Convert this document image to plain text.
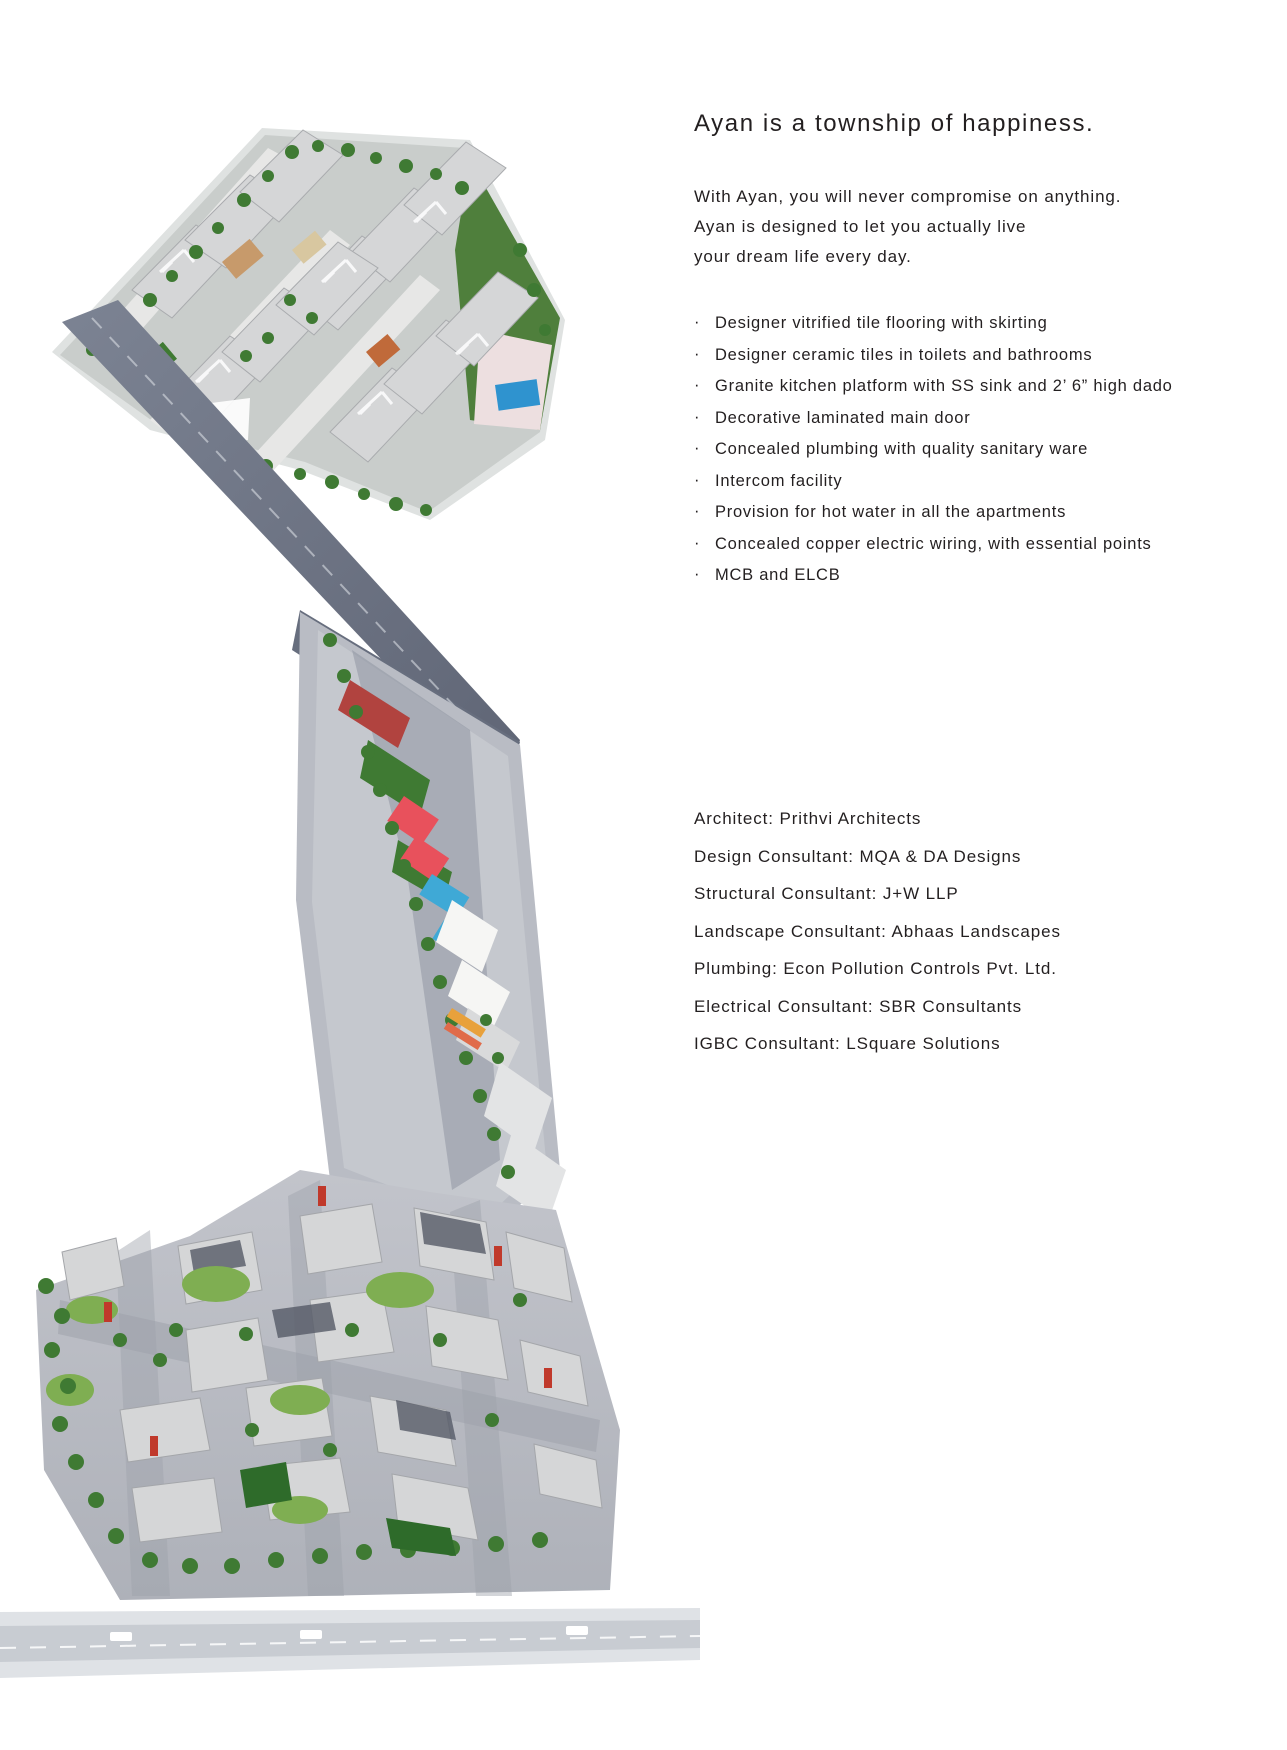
Ayan is a township of happiness.
With Ayan, you will never compromise on anything.
Ayan is designed to let you actually live
your dream life every day.
· Designer vitrified tile flooring with skirting
· Designer ceramic tiles in toilets and bathrooms
· Granite kitchen platform with SS sink and 2’ 6” high dado
· Decorative laminated main door
· Concealed plumbing with quality sanitary ware
· Intercom facility
· Provision for hot water in all the apartments
· Concealed copper electric wiring, with essential points
· MCB and ELCB
Architect: Prithvi Architects
Design Consultant: MQA & DA Designs
Structural Consultant: J+W LLP
Landscape Consultant: Abhaas Landscapes
Plumbing: Econ Pollution Controls Pvt. Ltd.
Electrical Consultant: SBR Consultants
IGBC Consultant: LSquare Solutions
